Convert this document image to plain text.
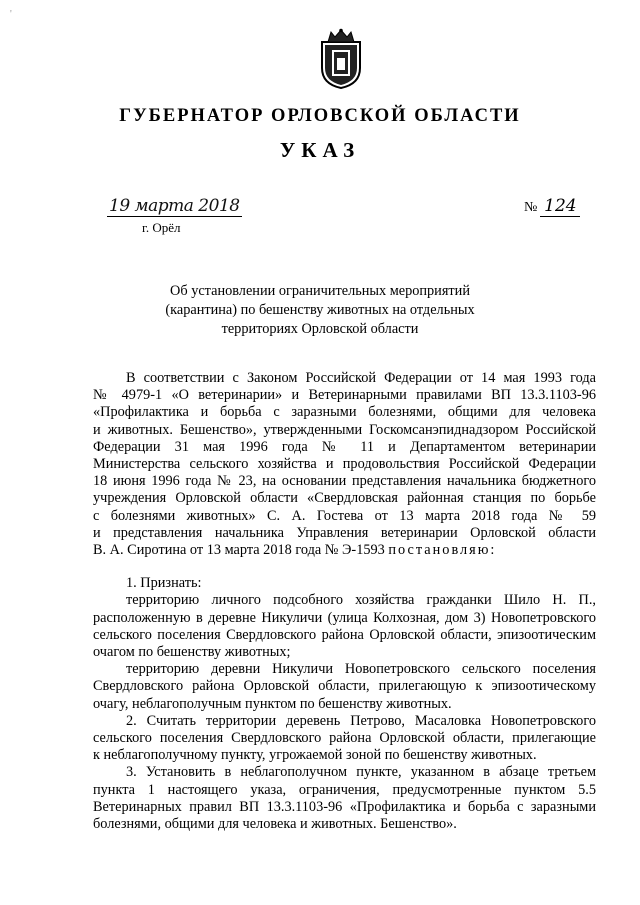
'
ГУБЕРНАТОР ОРЛОВСКОЙ ОБЛАСТИ
УКАЗ
19 марта 2018
г. Орёл
№ 124
Об установлении ограничительных мероприятий
(карантина) по бешенству животных на отдельных
территориях Орловской области
В соответствии с Законом Российской Федерации от 14 мая 1993 года
№ 4979-1 «О ветеринарии» и Ветеринарными правилами ВП 13.3.1103-96
«Профилактика и борьба с заразными болезнями, общими для человека
и животных. Бешенство», утвержденными Госкомсанэпиднадзором Российской
Федерации 31 мая 1996 года № 11 и Департаментом ветеринарии
Министерства сельского хозяйства и продовольствия Российской Федерации
18 июня 1996 года № 23, на основании представления начальника бюджетного
учреждения Орловской области «Свердловская районная станция по борьбе
с болезнями животных» С. А. Гостева от 13 марта 2018 года № 59
и представления начальника Управления ветеринарии Орловской области
В. А. Сиротина от 13 марта 2018 года № Э-1593 постановляю:
1. Признать:
территорию личного подсобного хозяйства гражданки Шило Н. П.,
расположенную в деревне Никуличи (улица Колхозная, дом 3) Новопетровского
сельского поселения Свердловского района Орловской области, эпизоотическим
очагом по бешенству животных;
территорию деревни Никуличи Новопетровского сельского поселения
Свердловского района Орловской области, прилегающую к эпизоотическому
очагу, неблагополучным пунктом по бешенству животных.
2. Считать территории деревень Петрово, Масаловка Новопетровского
сельского поселения Свердловского района Орловской области, прилегающие
к неблагополучному пункту, угрожаемой зоной по бешенству животных.
3. Установить в неблагополучном пункте, указанном в абзаце третьем
пункта 1 настоящего указа, ограничения, предусмотренные пунктом 5.5
Ветеринарных правил ВП 13.3.1103-96 «Профилактика и борьба с заразными
болезнями, общими для человека и животных. Бешенство».
